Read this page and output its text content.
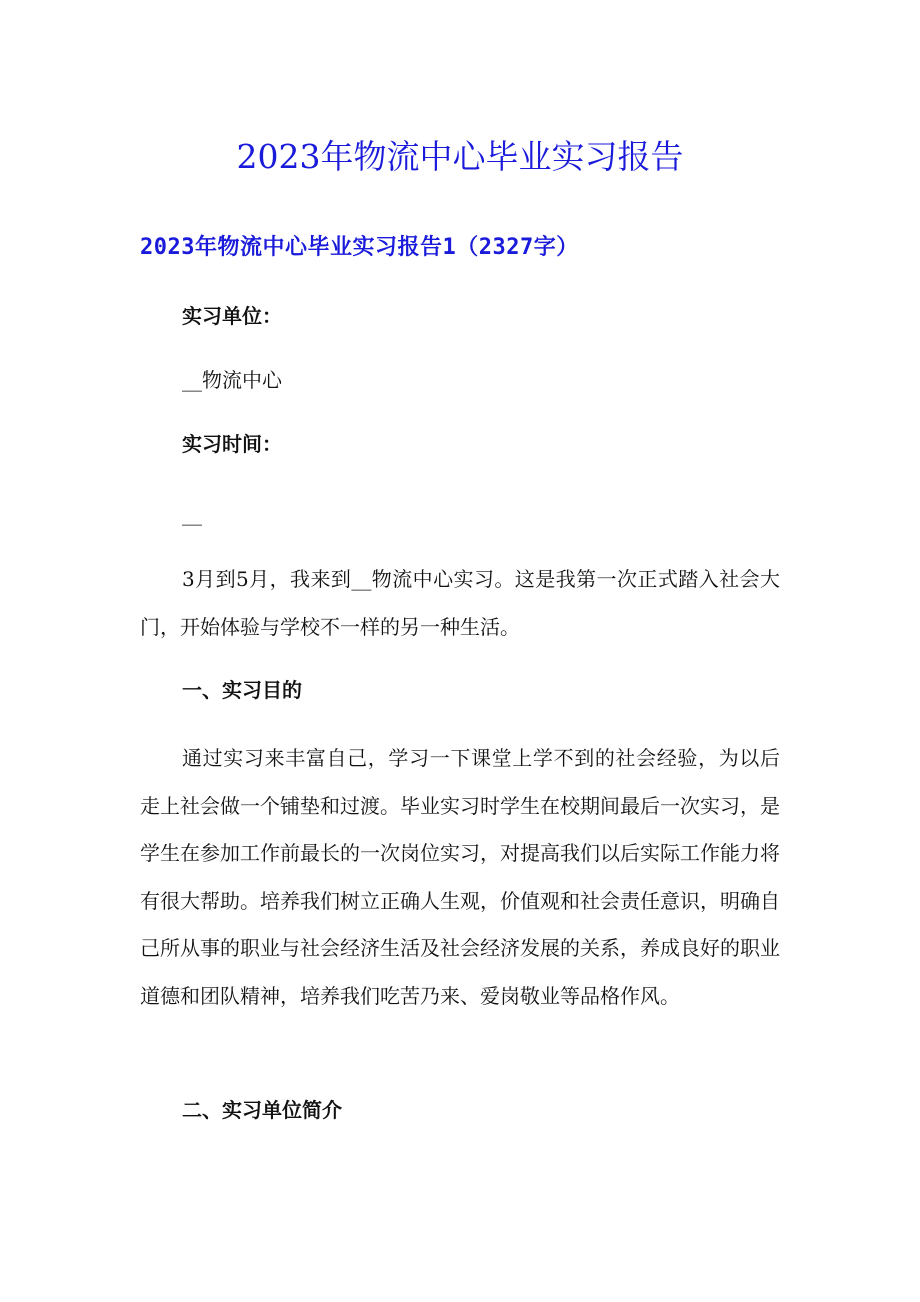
2023年物流中心毕业实习报告
2023年物流中心毕业实习报告1（2327字）
实习单位：
__物流中心
实习时间：
__
3月到5月，我来到__物流中心实习。这是我第一次正式踏入社会大门，开始体验与学校不一样的另一种生活。
一、实习目的
通过实习来丰富自己，学习一下课堂上学不到的社会经验，为以后走上社会做一个铺垫和过渡。毕业实习时学生在校期间最后一次实习，是学生在参加工作前最长的一次岗位实习，对提高我们以后实际工作能力将有很大帮助。培养我们树立正确人生观，价值观和社会责任意识，明确自己所从事的职业与社会经济生活及社会经济发展的关系，养成良好的职业道德和团队精神，培养我们吃苦乃来、爱岗敬业等品格作风。
二、实习单位简介
